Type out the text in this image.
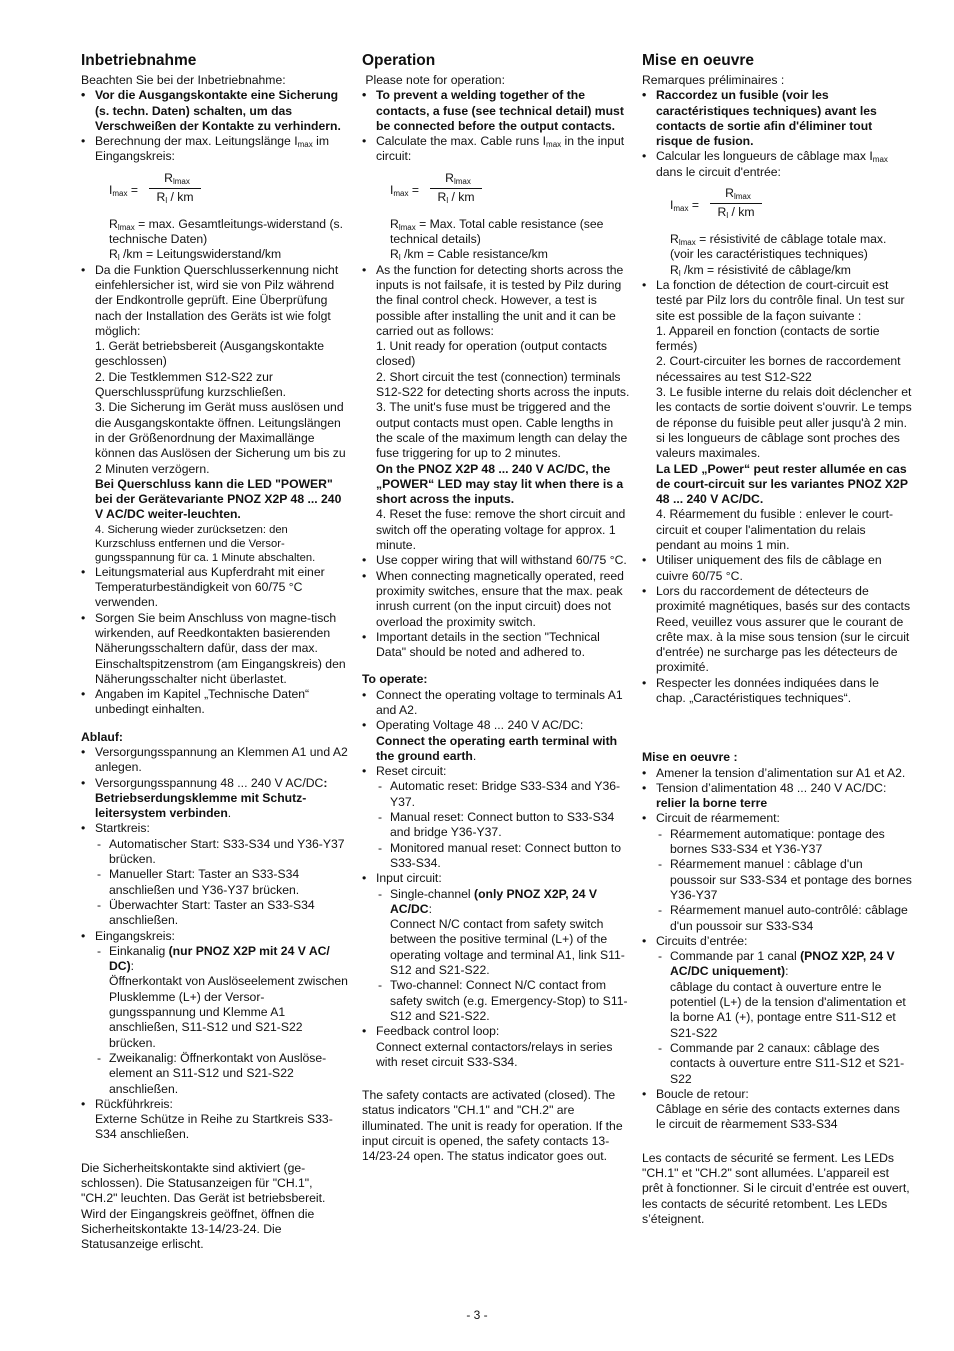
Inbetriebnahme

Beachten Sie bei der Inbetriebnahme:

• Vor die Ausgangskontakte eine Sicherung (s. techn. Daten) schalten, um das Verschweißen der Kontakte zu verhindern.
• Berechnung der max. Leitungslänge $I_{max}$ im Eingangskreis:
$I_{max}$ =
$R_{lmax}$
$R_l$ / km

$R_{lmax} = \max$. Gesamtleitungs-widerstand (s. technische Daten)

$R_l$ /km = Leitungswiderstand/km

• Da die Funktion Querschlusserkennung nicht einfehlersicher ist, wird sie von Pilz während der Endkontrolle geprüft. Eine Überprüfung nach der Installation des Geräts ist wie folgt möglich:

1. Gerät betriebsbereit (Ausgangskontakte geschlossen)

2. Die Testklemmen S12-S22 zur Querschlussprüfung kurzschließen.

3. Die Sicherung im Gerät muss auslösen und die Ausgangskontakte öffnen. Leitungslängen in der Größenordnung der Maximallänge können das Auslösen der Sicherung um bis zu 2 Minuten verzögern.

Bei Querschluss kann die LED "POWER" bei der Gerätevariante PNOZ X2P 48 ... 240 V AC/DC weiter-leuchten.

4. Sicherung wieder zurücksetzen: den Kurzschluss entfernen und die Versor-gungsspannung für ca. 1 Minute abschalten.

• Leitungsmaterial aus Kupferdraht mit einer Temperaturbeständigkeit von 60/75 °C verwenden.
• Sorgen Sie beim Anschluss von magne-tisch wirkenden, auf Reedkontakten basierenden Näherungsschaltern dafür, dass der max. Einschaltspitzenstrom (am Eingangskreis) den Näherungsschalter nicht überlastet.
• Angaben im Kapitel „Technische Daten“ unbedingt einhalten.

Ablauf:

• Versorgungsspannung an Klemmen A1 und A2 anlegen.
• Versorgungsspannung 48 ... 240 V AC/DC: Betriebserdungsklemme mit Schutz-leitersystem verbinden.
• Startkreis:
- Automatischer Start: S33-S34 und Y36-Y37 brücken.
- Manueller Start: Taster an S33-S34 anschließen und Y36-Y37 brücken.
- Überwachter Start: Taster an S33-S34 anschließen.
• Eingangskreis:
- Einkanalig (nur PNOZ X2P mit 24 V AC/ DC):
Öffnerkontakt von Auslöseelement zwischen Plusklemme (L+) der Versor-gungsspannung und Klemme A1 anschließen, S11-S12 und S21-S22 brücken.
- Zweikanalig: Öffnerkontakt von Auslöse-element an S11-S12 und S21-S22 anschließen.
• Rückführkreis:
Externe Schütze in Reihe zu Startkreis S33-S34 anschließen.

Die Sicherheitskontakte sind aktiviert (ge-schlossen). Die Statusanzeigen für "CH.1", "CH.2" leuchten. Das Gerät ist betriebsbereit. Wird der Eingangskreis geöffnet, öffnen die Sicherheitskontakte 13-14/23-24. Die Statusanzeige erlischt.

Operation

Please note for operation:

• To prevent a welding together of the contacts, a fuse (see technical detail) must be connected before the output contacts.
• Calculate the max. Cable runs $I_{max}$ in the input circuit:
$I_{max}$ =
$R_{lmax}$
$R_l$ / km

$R_{lmax}$ = Max. Total cable resistance (see technical details)

$R_l$ /km = Cable resistance/km

• As the function for detecting shorts across the inputs is not failsafe, it is tested by Pilz during the final control check. However, a test is possible after installing the unit and it can be carried out as follows:

1. Unit ready for operation (output contacts closed)

2. Short circuit the test (connection) terminals S12-S22 for detecting shorts across the inputs.

3. The unit's fuse must be triggered and the output contacts must open. Cable lengths in the scale of the maximum length can delay the fuse triggering for up to 2 minutes.

On the PNOZ X2P 48 ... 240 V AC/DC, the „POWER“ LED may stay lit when there is a short across the inputs.

4. Reset the fuse: remove the short circuit and switch off the operating voltage for approx. 1 minute.

• Use copper wiring that will withstand 60/75 °C.
• When connecting magnetically operated, reed proximity switches, ensure that the max. peak inrush current (on the input circuit) does not overload the proximity switch.
• Important details in the section "Technical Data" should be noted and adhered to.

To operate:

• Connect the operating voltage to terminals A1 and A2.
• Operating Voltage 48 ... 240 V AC/DC: Connect the operating earth terminal with the ground earth.
• Reset circuit:
- Automatic reset: Bridge S33-S34 and Y36-Y37.
- Manual reset: Connect button to S33-S34 and bridge Y36-Y37.
- Monitored manual reset: Connect button to S33-S34.
• Input circuit:
- Single-channel (only PNOZ X2P, 24 V AC/DC:
Connect N/C contact from safety switch between the positive terminal (L+) of the operating voltage and terminal A1, link S11-S12 and S21-S22.
- Two-channel: Connect N/C contact from safety switch (e.g. Emergency-Stop) to S11-S12 and S21-S22.
• Feedback control loop:
Connect external contactors/relays in series with reset circuit S33-S34.

The safety contacts are activated (closed). The status indicators "CH.1" and "CH.2" are illuminated. The unit is ready for operation. If the input circuit is opened, the safety contacts 13-14/23-24 open. The status indicator goes out.

Mise en oeuvre

Remarques préliminaires :

• Raccordez un fusible (voir les caractéristiques techniques) avant les contacts de sortie afin d'éliminer tout risque de fusion.
• Calcular les longueurs de câblage $\max I_{max}$ dans le circuit d'entrée:
$I_{max}$ =
$R_{lmax}$
$R_l$ / km

$R_{lmax}$ = résistivité de câblage totale max. (voir les caractéristiques techniques)

$R_l$ /km = résistivité de câblage/km

• La fonction de détection de court-circuit est testé par Pilz lors du contrôle final. Un test sur site est possible de la façon suivante :

1. Appareil en fonction (contacts de sortie fermés)

2. Court-circuiter les bornes de raccordement nécessaires au test S12-S22

3. Le fusible interne du relais doit déclencher et les contacts de sortie doivent s'ouvrir. Le temps de réponse du fuisible peut aller jusqu'à 2 min. si les longueurs de câblage sont proches des valeurs maximales.

La LED „Power“ peut rester allumée en cas de court-circuit sur les variantes PNOZ X2P 48 ... 240 V AC/DC.

4. Réarmement du fusible : enlever le court-circuit et couper l'alimentation du relais pendant au moins 1 min.

• Utiliser uniquement des fils de câblage en cuivre 60/75 °C.
• Lors du raccordement de détecteurs de proximité magnétiques, basés sur des contacts Reed, veuillez vous assurer que le courant de crête max. à la mise sous tension (sur le circuit d'entrée) ne surcharge pas les détecteurs de proximité.
• Respecter les données indiquées dans le chap. „Caractéristiques techniques“.

Mise en oeuvre :

• Amener la tension d’alimentation sur A1 et A2.
• Tension d’alimentation 48 ... 240 V AC/DC: relier la borne terre
• Circuit de réarmement:
- Réarmement automatique: pontage des bornes S33-S34 et Y36-Y37
- Réarmement manuel : câblage d'un poussoir sur S33-S34 et pontage des bornes Y36-Y37
- Réarmement manuel auto-contrôlé: câblage d'un poussoir sur S33-S34
• Circuits d’entrée:
- Commande par 1 canal (PNOZ X2P, 24 V AC/DC uniquement):
câblage du contact à ouverture entre le potentiel (L+) de la tension d'alimentation et la borne A1 (+), pontage entre S11-S12 et S21-S22
- Commande par 2 canaux: câblage des contacts à ouverture entre S11-S12 et S21-S22
• Boucle de retour:
Câblage en série des contacts externes dans le circuit de rèarmement S33-S34

Les contacts de sécurité se ferment. Les LEDs "CH.1" et "CH.2" sont allumées. L’appareil est prêt à fonctionner. Si le circuit d’entrée est ouvert, les contacts de sécurité retombent. Les LEDs s’éteignent.

- 3 -
